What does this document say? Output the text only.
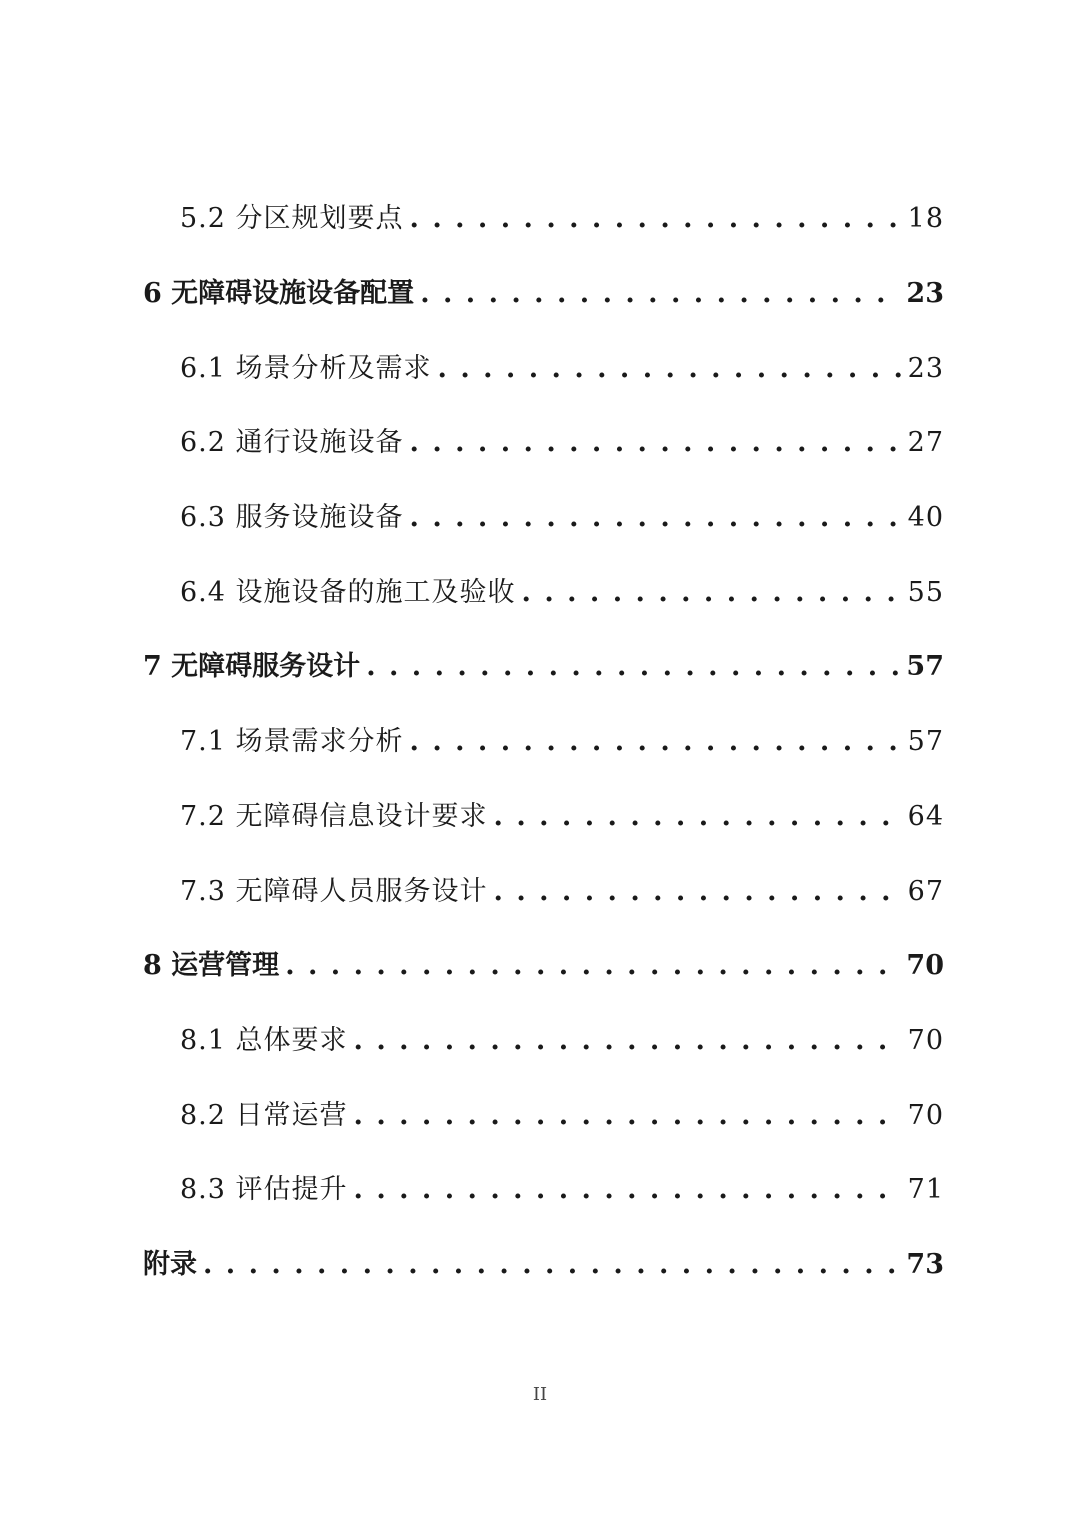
5.2 分区规划要点 . . .	18
6 无障碍设施设备配置 . . .	23
6.1 场景分析及需求 . . .	23
6.2 通行设施设备 . . .	27
6.3 服务设施设备 . . .	40
6.4 设施设备的施工及验收 . . .	55
7 无障碍服务设计 . . .	57
7.1 场景需求分析 . . .	57
7.2 无障碍信息设计要求 . . .	64
7.3 无障碍人员服务设计 . . .	67
8 运营管理 . . .	70
8.1 总体要求 . . .	70
8.2 日常运营 . . .	70
8.3 评估提升 . . .	71
附录 . . .	73
II
